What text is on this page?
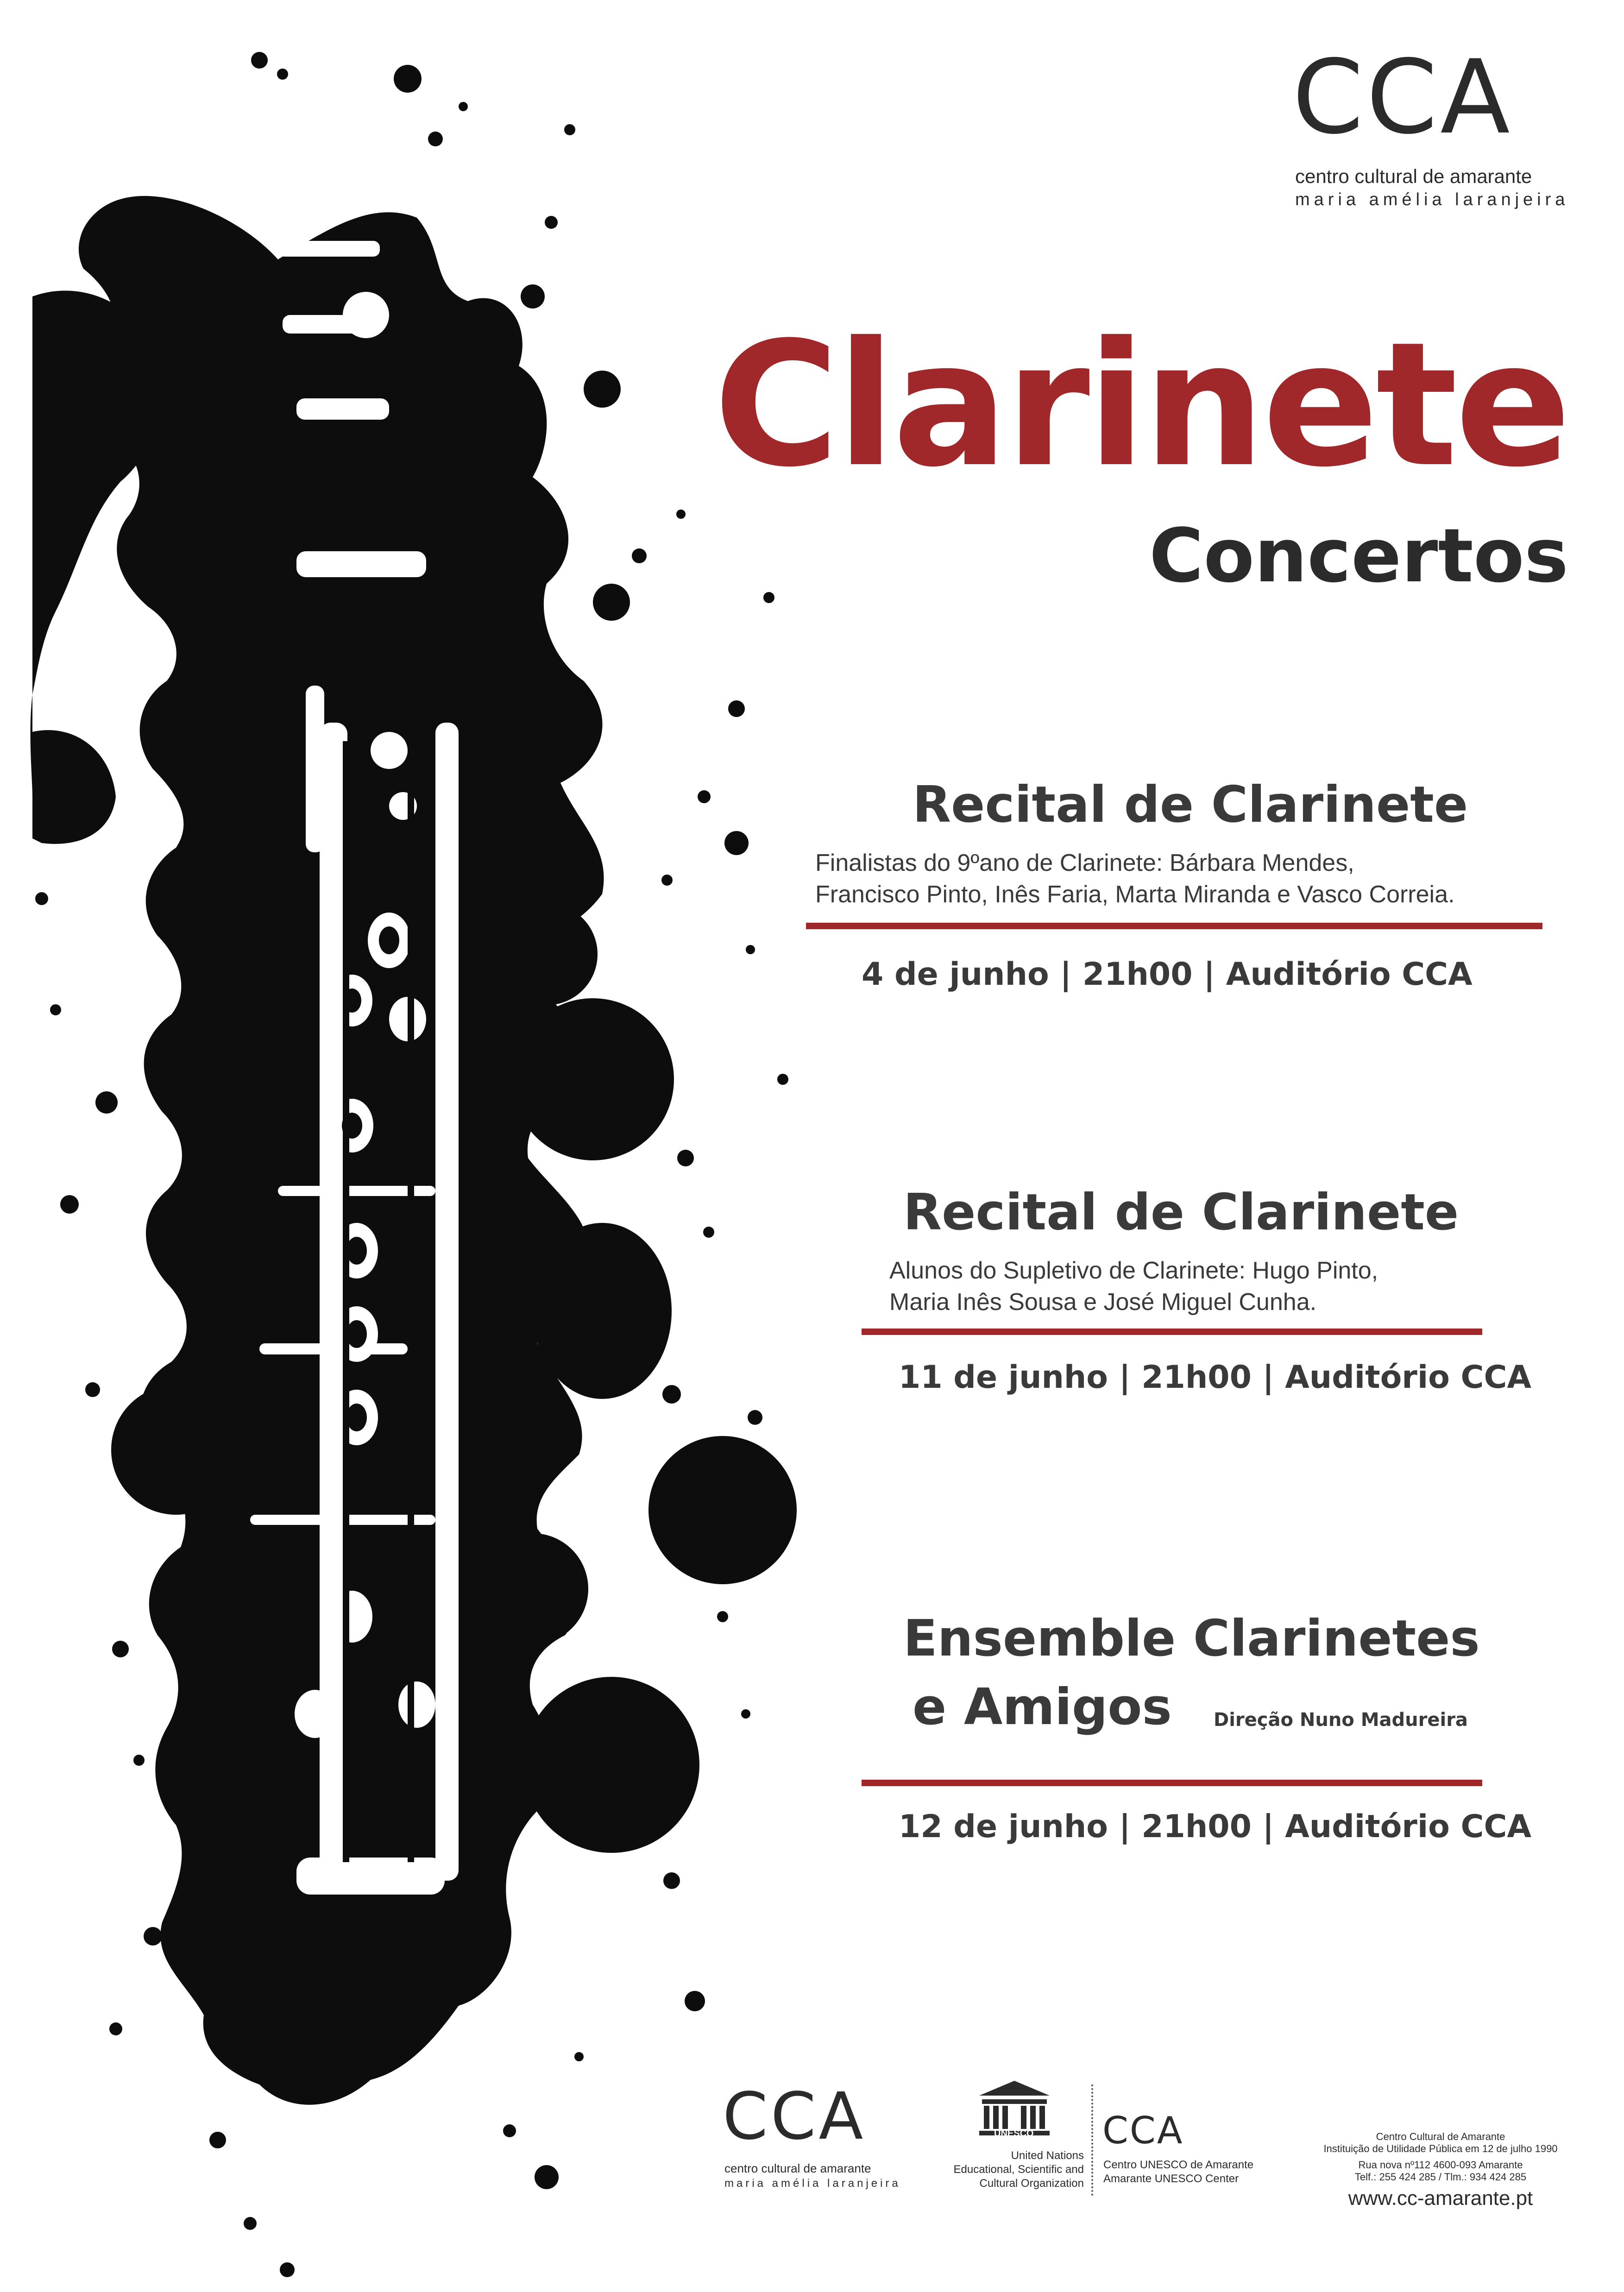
CCA
centro cultural de amarante
maria amélia laranjeira
Clarinete
Concertos
Recital de Clarinete
Finalistas do 9ºano de Clarinete: Bárbara Mendes,
Francisco Pinto, Inês Faria, Marta Miranda e Vasco Correia.
4 de junho | 21h00 | Auditório CCA
Recital de Clarinete
Alunos do Supletivo de Clarinete: Hugo Pinto,
Maria Inês Sousa e José Miguel Cunha.
11 de junho | 21h00 | Auditório CCA
Ensemble Clarinetes
e Amigos Direção Nuno Madureira
12 de junho | 21h00 | Auditório CCA
CCA
centro cultural de amarante
maria amélia laranjeira
UNESCO
United Nations
Educational, Scientific and
Cultural Organization
CCA
Centro UNESCO de Amarante
Amarante UNESCO Center
Centro Cultural de Amarante
Instituição de Utilidade Pública em 12 de julho 1990
Rua nova nº112 4600-093 Amarante
Telf.: 255 424 285 / Tlm.: 934 424 285
www.cc-amarante.pt
